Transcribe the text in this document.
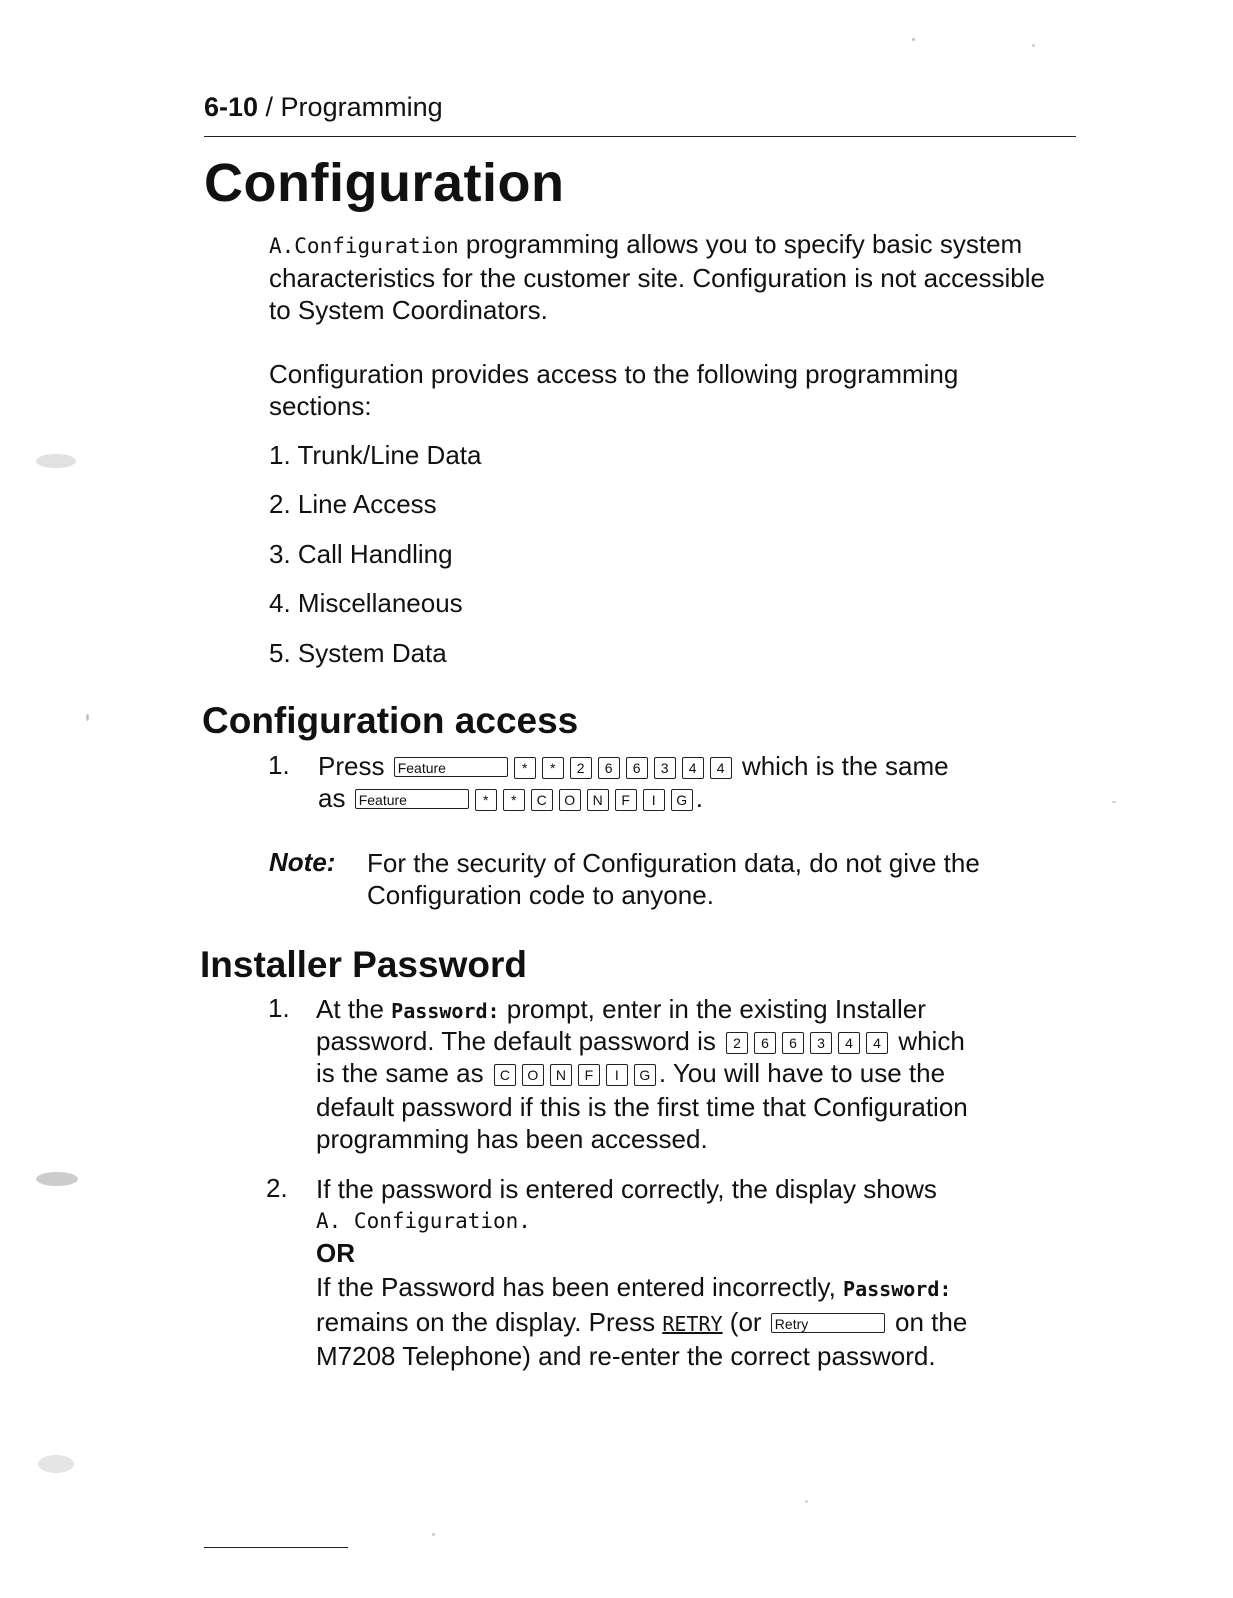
6-10 / Programming
Configuration
A.Configuration programming allows you to specify basic system characteristics for the customer site. Configuration is not accessible to System Coordinators.
Configuration provides access to the following programming sections:
1. Trunk/Line Data
2. Line Access
3. Call Handling
4. Miscellaneous
5. System Data
Configuration access
1. Press Feature	* * 2 6 6 3 4 4 which is the same
as Feature	* * C O N F I G .
Note: For the security of Configuration data, do not give the Configuration code to anyone.
Installer Password
1. At the Password: prompt, enter in the existing Installer
password. The default password is 2 6 6 3 4 4 which
is the same as C O N F I G . You will have to use the
default password if this is the first time that Configuration
programming has been accessed.
2. If the password is entered correctly, the display shows
A. Configuration.
OR
If the Password has been entered incorrectly, Password:
remains on the display. Press RETRY (or Retry	on the
M7208 Telephone) and re-enter the correct password.
